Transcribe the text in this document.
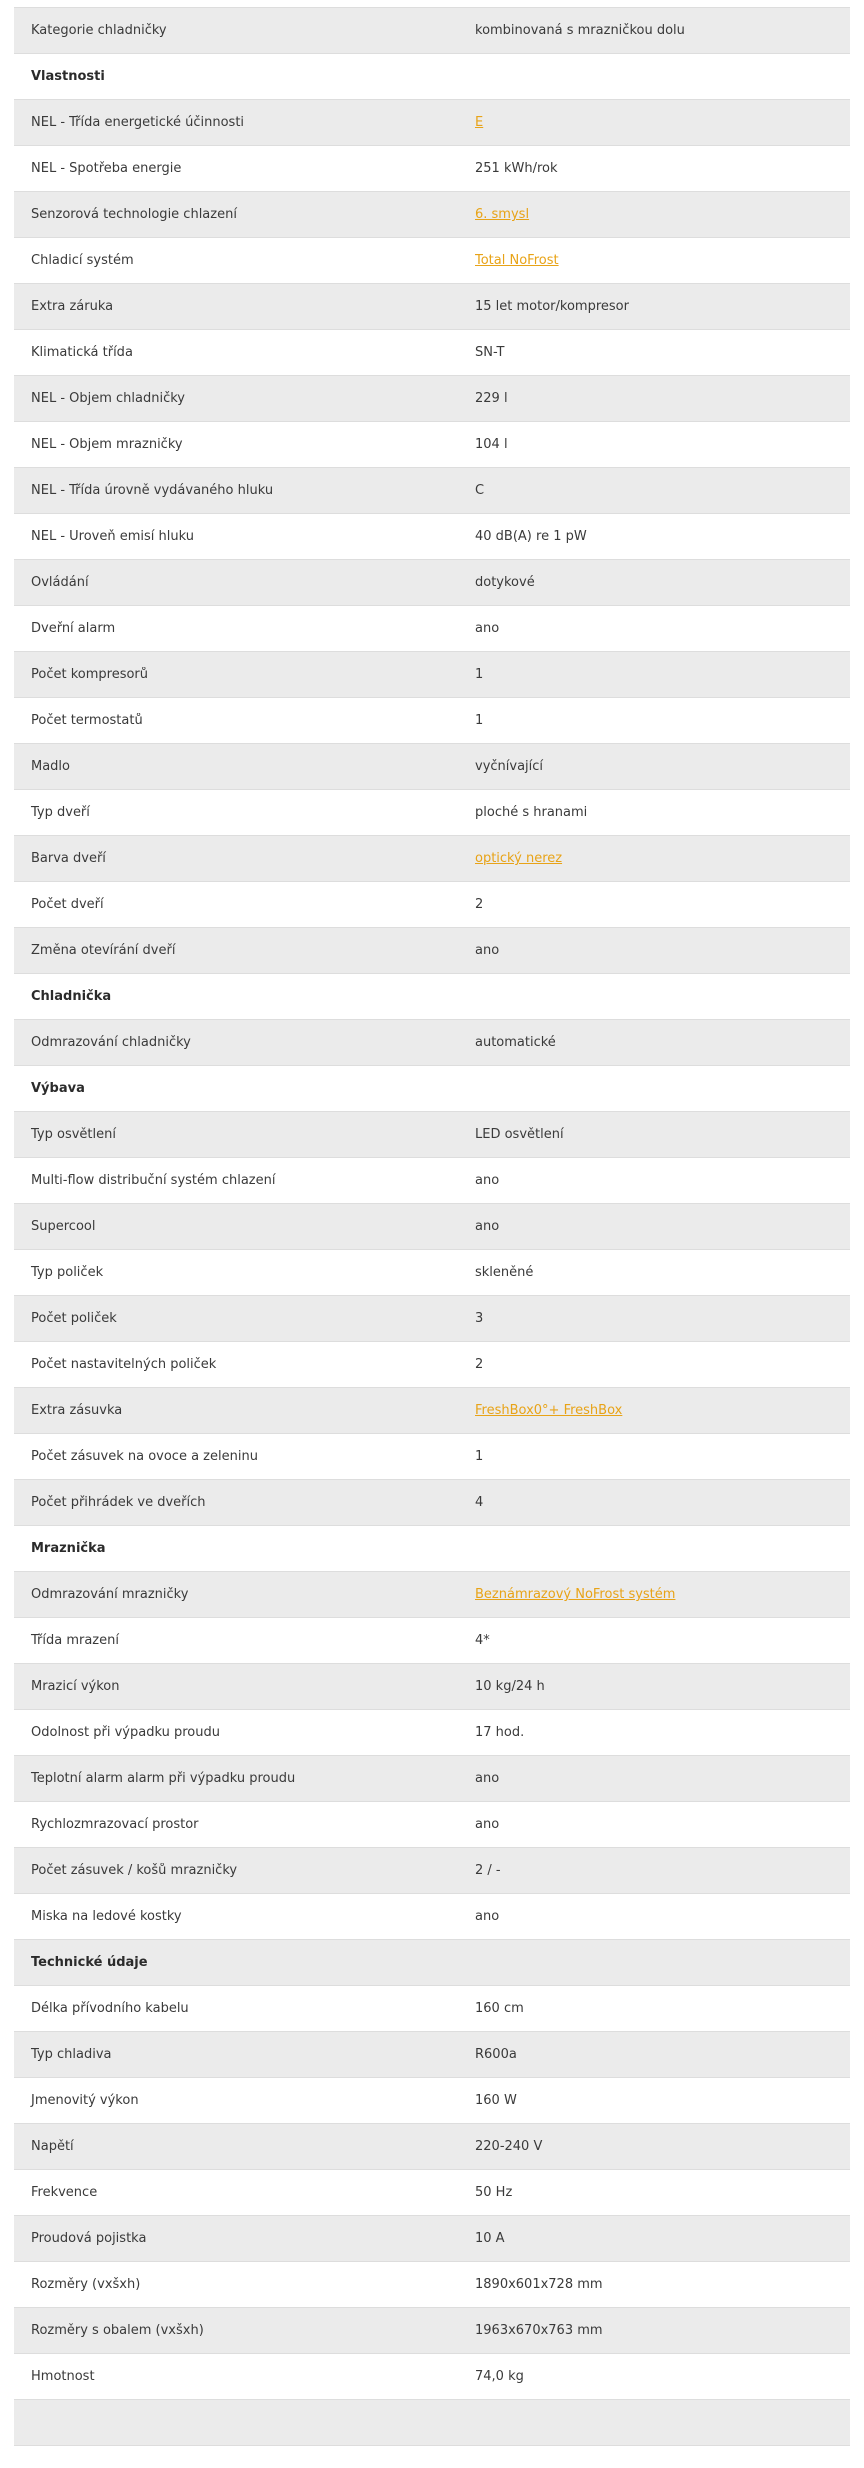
Kategorie chladničky	kombinovaná s mrazničkou dolu
Vlastnosti
NEL - Třída energetické účinnosti	E
NEL - Spotřeba energie	251 kWh/rok
Senzorová technologie chlazení	6. smysl
Chladicí systém	Total NoFrost
Extra záruka	15 let motor/kompresor
Klimatická třída	SN-T
NEL - Objem chladničky	229 l
NEL - Objem mrazničky	104 l
NEL - Třída úrovně vydávaného hluku	C
NEL - Úroveň emisí hluku	40 dB(A) re 1 pW
Ovládání	dotykové
Dveřní alarm	ano
Počet kompresorů	1
Počet termostatů	1
Madlo	vyčnívající
Typ dveří	ploché s hranami
Barva dveří	optický nerez
Počet dveří	2
Změna otevírání dveří	ano
Chladnička
Odmrazování chladničky	automatické
Výbava
Typ osvětlení	LED osvětlení
Multi-flow distribuční systém chlazení	ano
Supercool	ano
Typ poliček	skleněné
Počet poliček	3
Počet nastavitelných poliček	2
Extra zásuvka	FreshBox0°+ FreshBox
Počet zásuvek na ovoce a zeleninu	1
Počet přihrádek ve dveřích	4
Mraznička
Odmrazování mrazničky	Beznámrazový NoFrost systém
Třída mrazení	4*
Mrazicí výkon	10 kg/24 h
Odolnost při výpadku proudu	17 hod.
Teplotní alarm alarm při výpadku proudu	ano
Rychlozmrazovací prostor	ano
Počet zásuvek / košů mrazničky	2 / -
Miska na ledové kostky	ano
Technické údaje
Délka přívodního kabelu	160 cm
Typ chladiva	R600a
Jmenovitý výkon	160 W
Napětí	220-240 V
Frekvence	50 Hz
Proudová pojistka	10 A
Rozměry (vxšxh)	1890x601x728 mm
Rozměry s obalem (vxšxh)	1963x670x763 mm
Hmotnost	74,0 kg
